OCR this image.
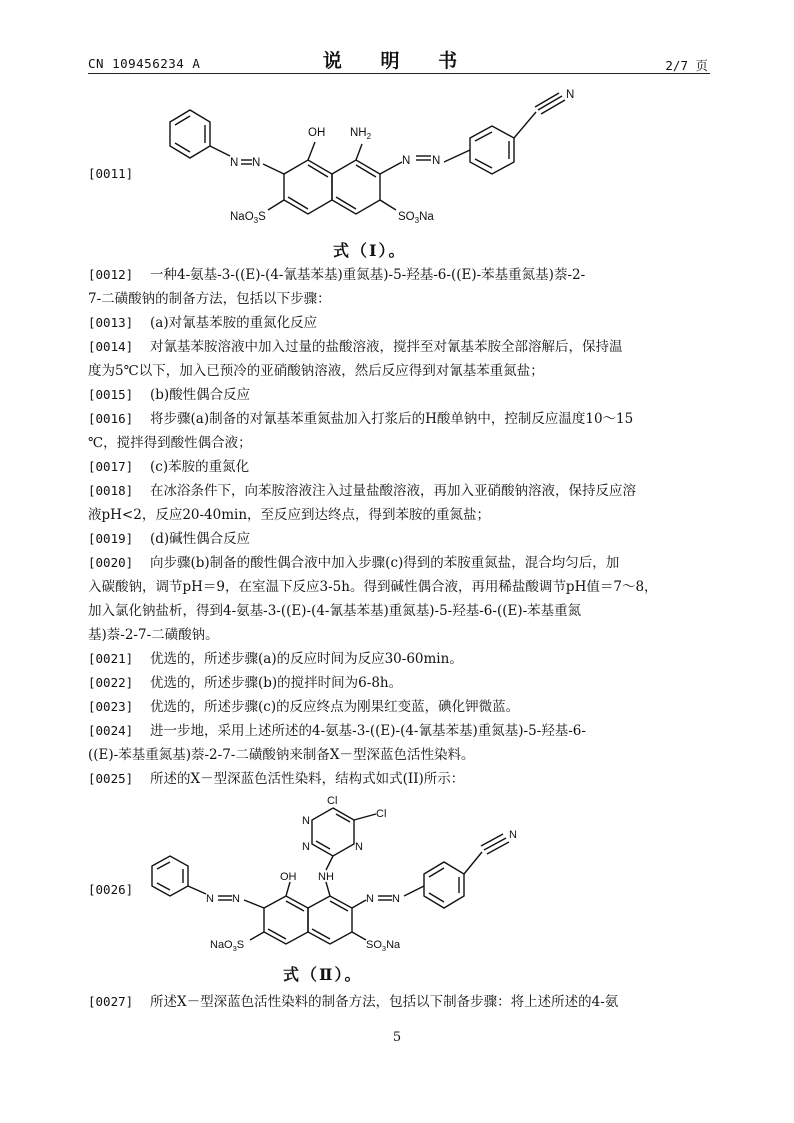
CN 109456234 A	说 明 书	2/7 页
[0011]
N N
OH $NH_2$
N N
N
NaO$_3$S	$SO_3Na$
式（Ⅰ）。
[0012]	一种4-氨基-3-((E)-(4-氰基苯基)重氮基)-5-羟基-6-((E)-苯基重氮基)萘-2-
7-二磺酸钠的制备方法，包括以下步骤：
[0013]	(a)对氰基苯胺的重氮化反应
[0014]	对氰基苯胺溶液中加入过量的盐酸溶液，搅拌至对氰基苯胺全部溶解后，保持温
度为5℃以下，加入已预冷的亚硝酸钠溶液，然后反应得到对氰基苯重氮盐；
[0015]	(b)酸性偶合反应
[0016]	将步骤(a)制备的对氰基苯重氮盐加入打浆后的H酸单钠中，控制反应温度10～15
℃，搅拌得到酸性偶合液；
[0017]	(c)苯胺的重氮化
[0018]	在冰浴条件下，向苯胺溶液注入过量盐酸溶液，再加入亚硝酸钠溶液，保持反应溶
液pH<2，反应20-40min，至反应到达终点，得到苯胺的重氮盐；
[0019]	(d)碱性偶合反应
[0020]	向步骤(b)制备的酸性偶合液中加入步骤(c)得到的苯胺重氮盐，混合均匀后，加
入碳酸钠，调节pH＝9，在室温下反应3-5h。得到碱性偶合液，再用稀盐酸调节pH值＝7～8，
加入氯化钠盐析，得到4-氨基-3-((E)-(4-氰基苯基)重氮基)-5-羟基-6-((E)-苯基重氮
基)萘-2-7-二磺酸钠。
[0021]	优选的，所述步骤(a)的反应时间为反应30-60min。
[0022]	优选的，所述步骤(b)的搅拌时间为6-8h。
[0023]	优选的，所述步骤(c)的反应终点为刚果红变蓝，碘化钾微蓝。
[0024]	进一步地，采用上述所述的4-氨基-3-((E)-(4-氰基苯基)重氮基)-5-羟基-6-
((E)-苯基重氮基)萘-2-7-二磺酸钠来制备X－型深蓝色活性染料。
[0025]	所述的X－型深蓝色活性染料，结构式如式(II)所示：
[0026]
Cl
Cl
N
N
N
NH
OH
N N	N N
N
NaO$_3$S	$SO_3Na$
式（Ⅱ）。
[0027] 所述X－型深蓝色活性染料的制备方法，包括以下制备步骤：将上述所述的4-氨
5
